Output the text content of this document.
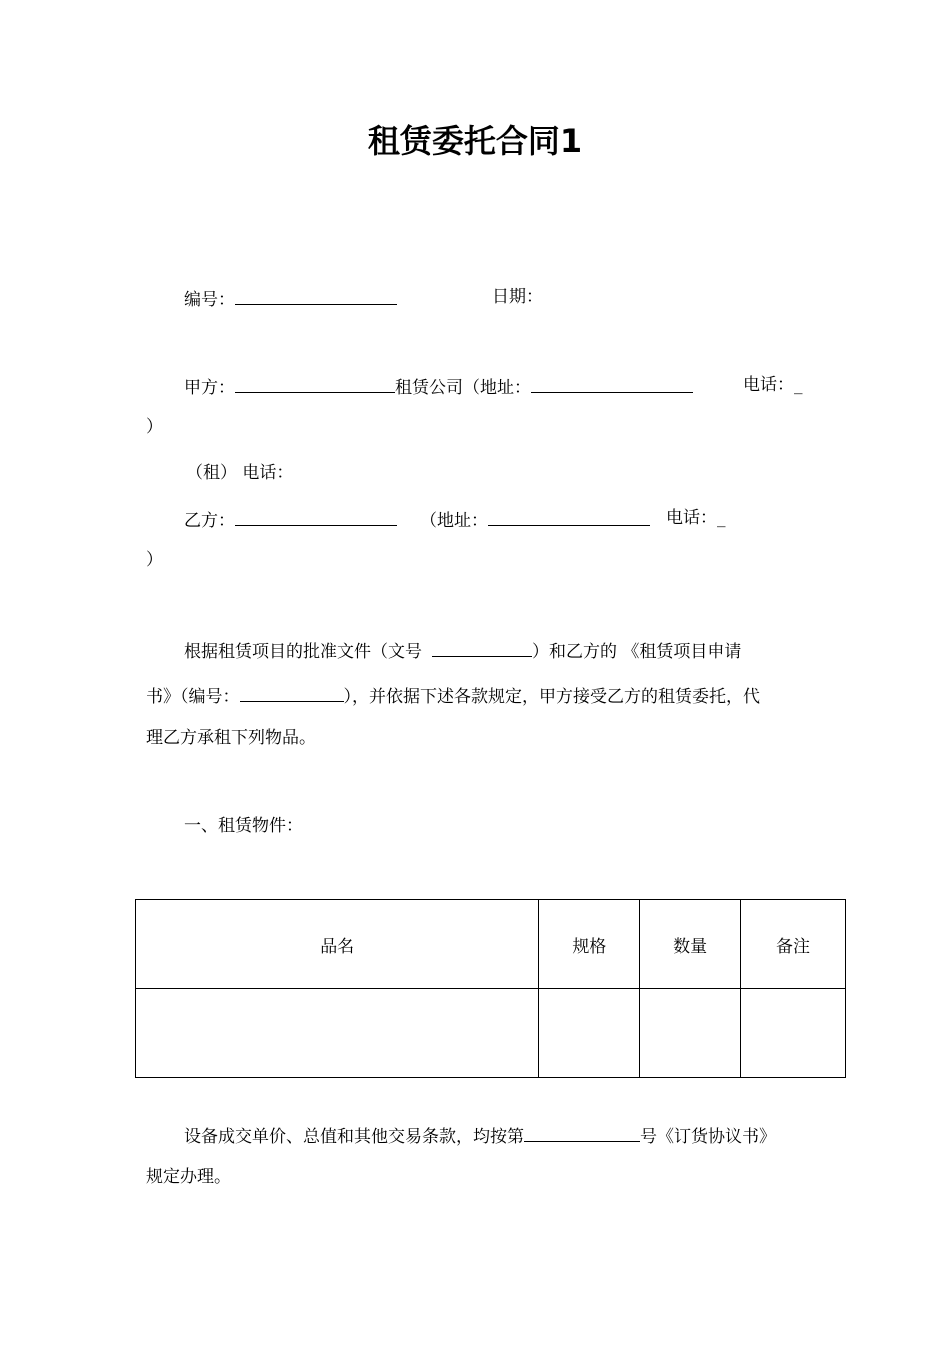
租赁委托合同1
编号：	日期：
甲方：	租赁公司（地址：	电话：_
）
（租） 电话：
乙方：	（地址：	电话：_
）
根据租赁项目的批准文件（文号	）和乙方的 《租赁项目申请
书》（编号：	），并依据下述各款规定，甲方接受乙方的租赁委托，代
理乙方承租下列物品。
一、租赁物件：
品名	规格	数量	备注

设备成交单价、总值和其他交易条款，均按第	号《订货协议书》
规定办理。
